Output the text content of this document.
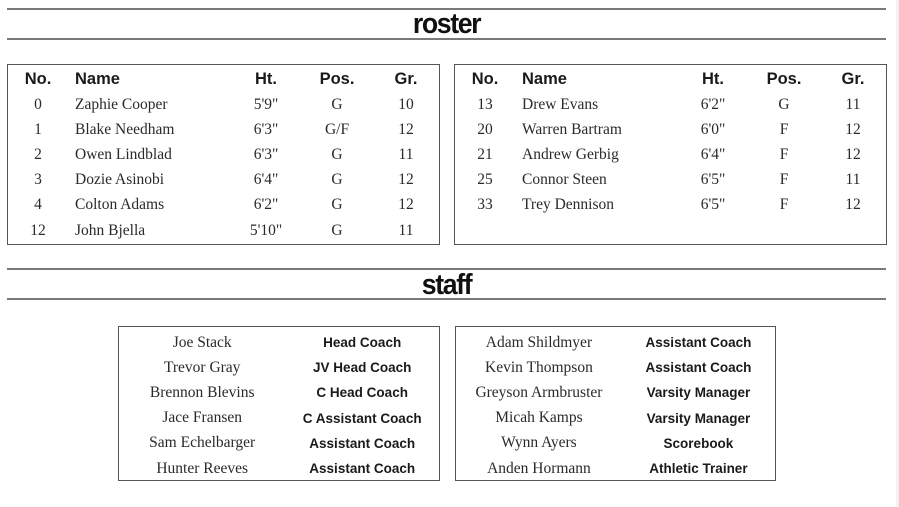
roster
No.	Name	Ht.	Pos.	Gr.
0	Zaphie Cooper	5'9"	G	10
1	Blake Needham	6'3"	G/F	12
2	Owen Lindblad	6'3"	G	11
3	Dozie Asinobi	6'4"	G	12
4	Colton Adams	6'2"	G	12
12	John Bjella	5'10"	G	11
No.	Name	Ht.	Pos.	Gr.
13	Drew Evans	6'2"	G	11
20	Warren Bartram	6'0"	F	12
21	Andrew Gerbig	6'4"	F	12
25	Connor Steen	6'5"	F	11
33	Trey Dennison	6'5"	F	12
staff
Joe Stack	Head Coach
Trevor Gray	JV Head Coach
Brennon Blevins	C Head Coach
Jace Fransen	C Assistant Coach
Sam Echelbarger	Assistant Coach
Hunter Reeves	Assistant Coach
Adam Shildmyer	Assistant Coach
Kevin Thompson	Assistant Coach
Greyson Armbruster	Varsity Manager
Micah Kamps	Varsity Manager
Wynn Ayers	Scorebook
Anden Hormann	Athletic Trainer
